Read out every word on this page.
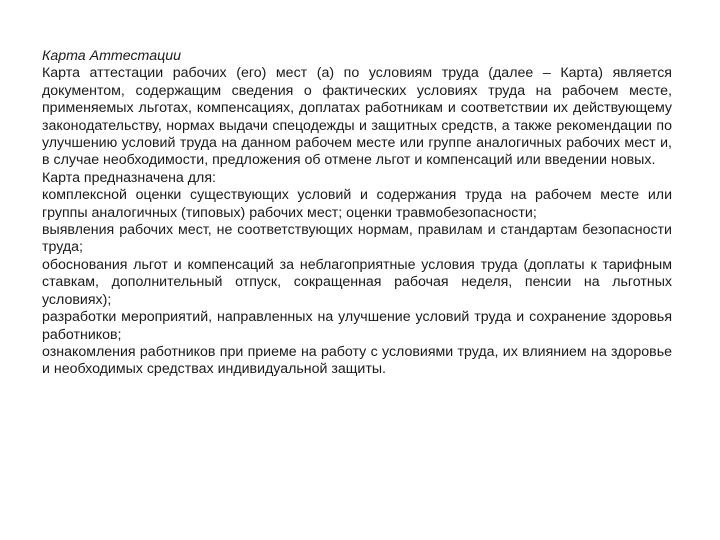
Карта Аттестации

Карта аттестации рабочих (его) мест (а) по условиям труда (далее – Карта) является документом, содержащим сведения о фактических условиях труда на рабочем месте, применяемых льготах, компенсациях, доплатах работникам и соответствии их действующему законодательству, нормах выдачи спецодежды и защитных средств, а также рекомендации по улучшению условий труда на данном рабочем месте или группе аналогичных рабочих мест и, в случае необходимости, предложения об отмене льгот и компенсаций или введении новых.

Карта предназначена для:

комплексной оценки существующих условий и содержания труда на рабочем месте или группы аналогичных (типовых) рабочих мест; оценки травмобезопасности;

выявления рабочих мест, не соответствующих нормам, правилам и стандартам безопасности труда;

обоснования льгот и компенсаций за неблагоприятные условия труда (доплаты к тарифным ставкам, дополнительный отпуск, сокращенная рабочая неделя, пенсии на льготных условиях);

разработки мероприятий, направленных на улучшение условий труда и сохранение здоровья работников;

ознакомления работников при приеме на работу с условиями труда, их влиянием на здоровье и необходимых средствах индивидуальной защиты.
